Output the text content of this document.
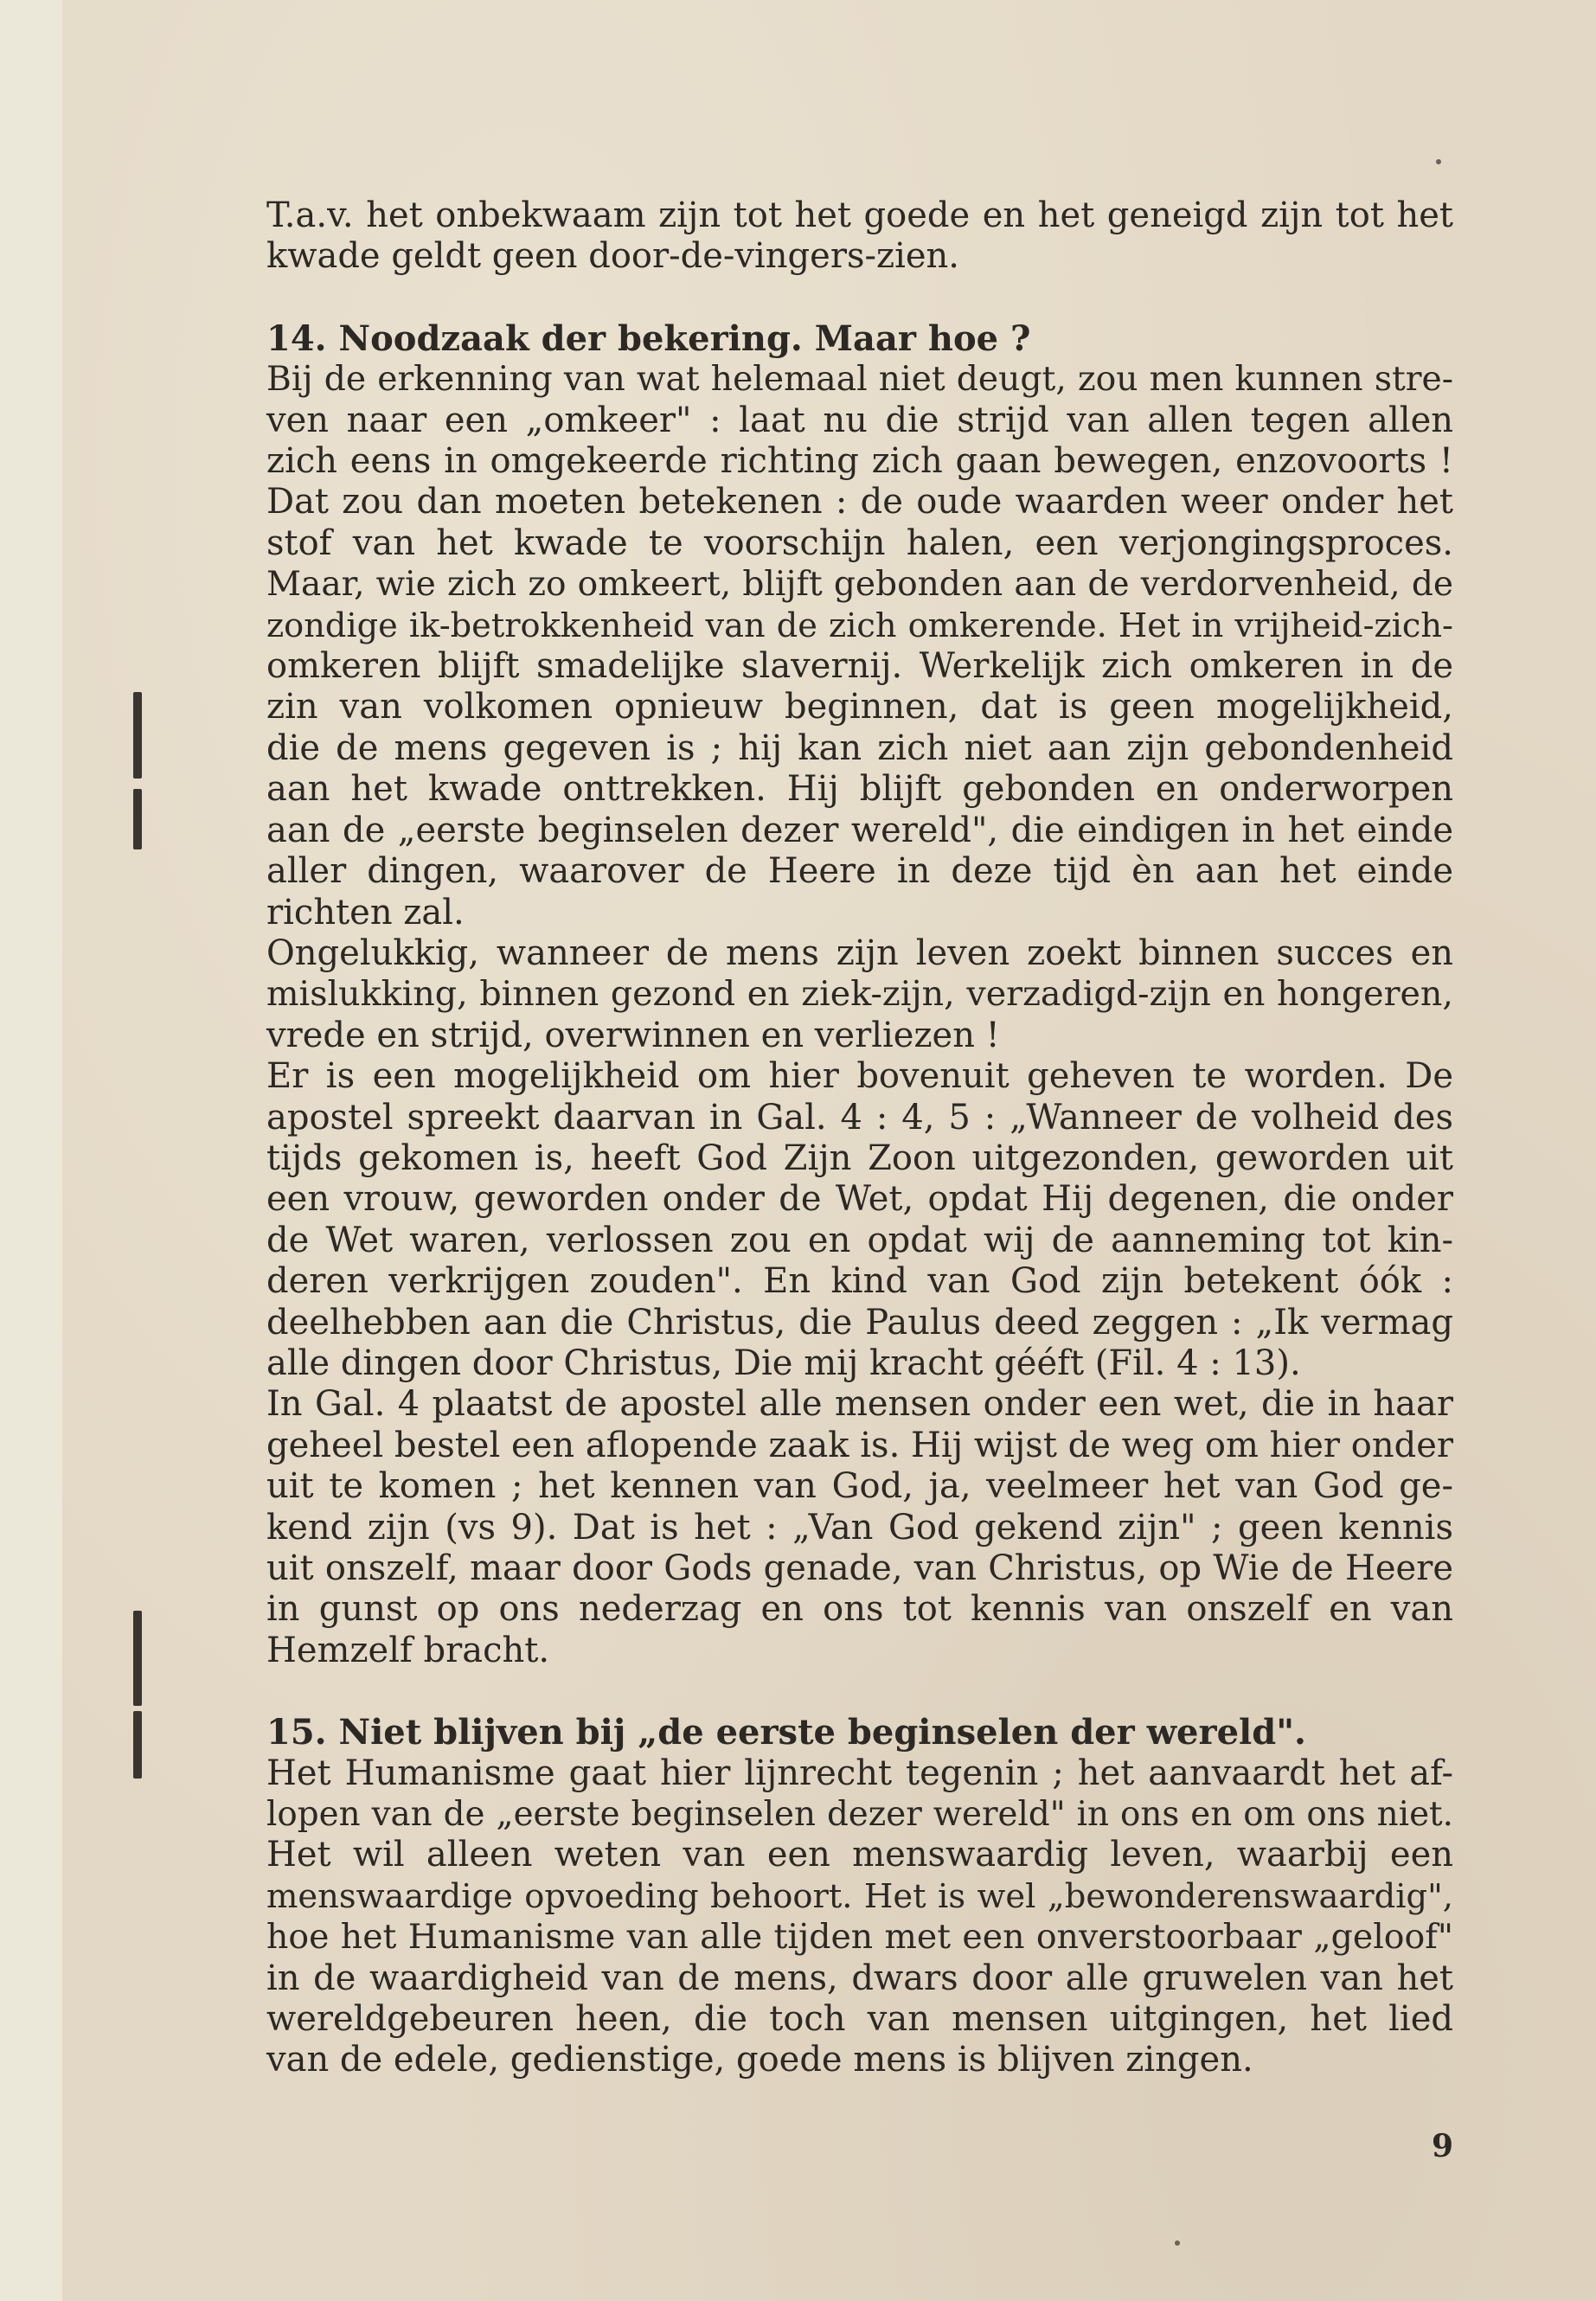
T.a.v. het onbekwaam zijn tot het goede en het geneigd zijn tot het
kwade geldt geen door-de-vingers-zien.
14. Noodzaak der bekering. Maar hoe ?
Bij de erkenning van wat helemaal niet deugt, zou men kunnen stre-
ven naar een „omkeer" : laat nu die strijd van allen tegen allen
zich eens in omgekeerde richting zich gaan bewegen, enzovoorts !
Dat zou dan moeten betekenen : de oude waarden weer onder het
stof van het kwade te voorschijn halen, een verjongingsproces.
Maar, wie zich zo omkeert, blijft gebonden aan de verdorvenheid, de
zondige ik-betrokkenheid van de zich omkerende. Het in vrijheid-zich-
omkeren blijft smadelijke slavernij. Werkelijk zich omkeren in de
zin van volkomen opnieuw beginnen, dat is geen mogelijkheid,
die de mens gegeven is ; hij kan zich niet aan zijn gebondenheid
aan het kwade onttrekken. Hij blijft gebonden en onderworpen
aan de „eerste beginselen dezer wereld", die eindigen in het einde
aller dingen, waarover de Heere in deze tijd èn aan het einde
richten zal.
Ongelukkig, wanneer de mens zijn leven zoekt binnen succes en
mislukking, binnen gezond en ziek-zijn, verzadigd-zijn en hongeren,
vrede en strijd, overwinnen en verliezen !
Er is een mogelijkheid om hier bovenuit geheven te worden. De
apostel spreekt daarvan in Gal. 4 : 4, 5 : „Wanneer de volheid des
tijds gekomen is, heeft God Zijn Zoon uitgezonden, geworden uit
een vrouw, geworden onder de Wet, opdat Hij degenen, die onder
de Wet waren, verlossen zou en opdat wij de aanneming tot kin-
deren verkrijgen zouden". En kind van God zijn betekent óók :
deelhebben aan die Christus, die Paulus deed zeggen : „Ik vermag
alle dingen door Christus, Die mij kracht gééft (Fil. 4 : 13).
In Gal. 4 plaatst de apostel alle mensen onder een wet, die in haar
geheel bestel een aflopende zaak is. Hij wijst de weg om hier onder
uit te komen ; het kennen van God, ja, veelmeer het van God ge-
kend zijn (vs 9). Dat is het : „Van God gekend zijn" ; geen kennis
uit onszelf, maar door Gods genade, van Christus, op Wie de Heere
in gunst op ons nederzag en ons tot kennis van onszelf en van
Hemzelf bracht.
15. Niet blijven bij „de eerste beginselen der wereld".
Het Humanisme gaat hier lijnrecht tegenin ; het aanvaardt het af-
lopen van de „eerste beginselen dezer wereld" in ons en om ons niet.
Het wil alleen weten van een menswaardig leven, waarbij een
menswaardige opvoeding behoort. Het is wel „bewonderenswaardig",
hoe het Humanisme van alle tijden met een onverstoorbaar „geloof"
in de waardigheid van de mens, dwars door alle gruwelen van het
wereldgebeuren heen, die toch van mensen uitgingen, het lied
van de edele, gedienstige, goede mens is blijven zingen.
9
